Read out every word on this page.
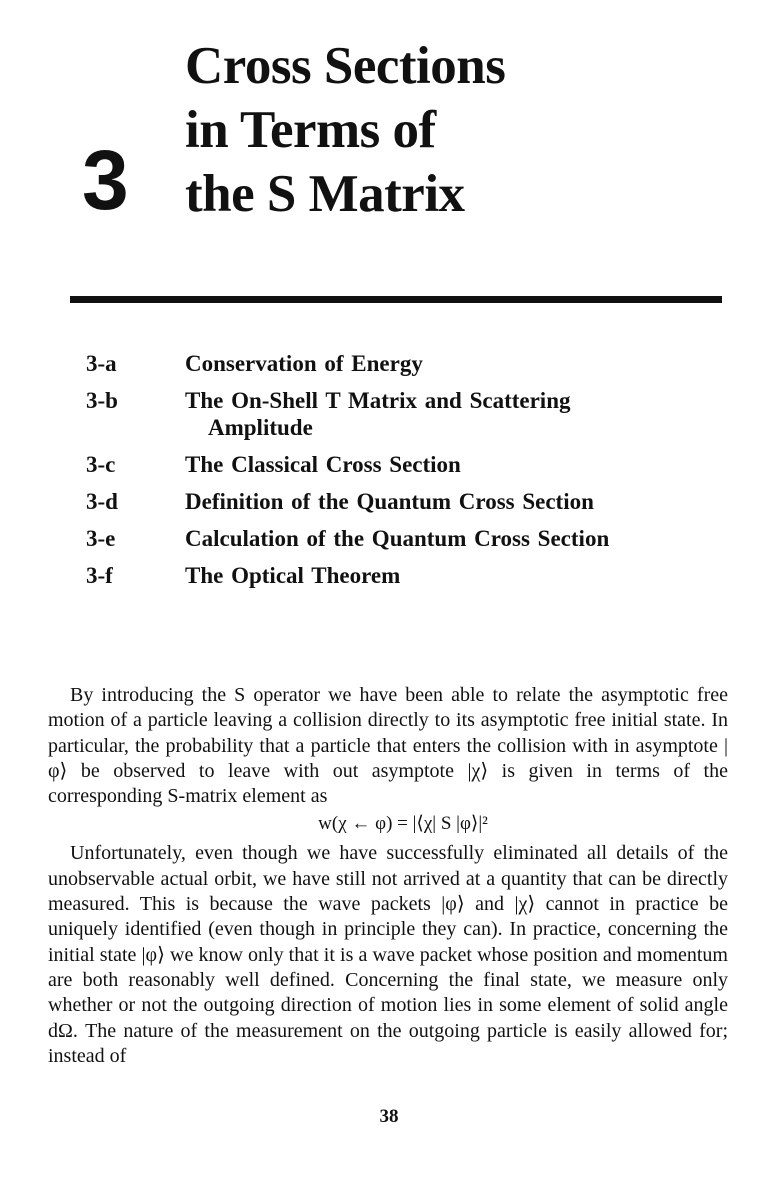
3
Cross Sections
in Terms of
the S Matrix
3-a	Conservation of Energy
3-b	The On-Shell T Matrix and Scattering
Amplitude
3-c	The Classical Cross Section
3-d	Definition of the Quantum Cross Section
3-e	Calculation of the Quantum Cross Section
3-f	The Optical Theorem

By introducing the S operator we have been able to relate the asymptotic free motion of a particle leaving a collision directly to its asymptotic free initial state. In particular, the probability that a particle that enters the collision with in asymptote |φ⟩ be observed to leave with out asymptote |χ⟩ is given in terms of the corresponding S-matrix element as

w(χ ← φ) = |⟨χ| S |φ⟩|²

Unfortunately, even though we have successfully eliminated all details of the unobservable actual orbit, we have still not arrived at a quantity that can be directly measured. This is because the wave packets |φ⟩ and |χ⟩ cannot in practice be uniquely identified (even though in principle they can). In practice, concerning the initial state |φ⟩ we know only that it is a wave packet whose position and momentum are both reasonably well defined. Concerning the final state, we measure only whether or not the outgoing direction of motion lies in some element of solid angle dΩ. The nature of the measurement on the outgoing particle is easily allowed for; instead of

38
